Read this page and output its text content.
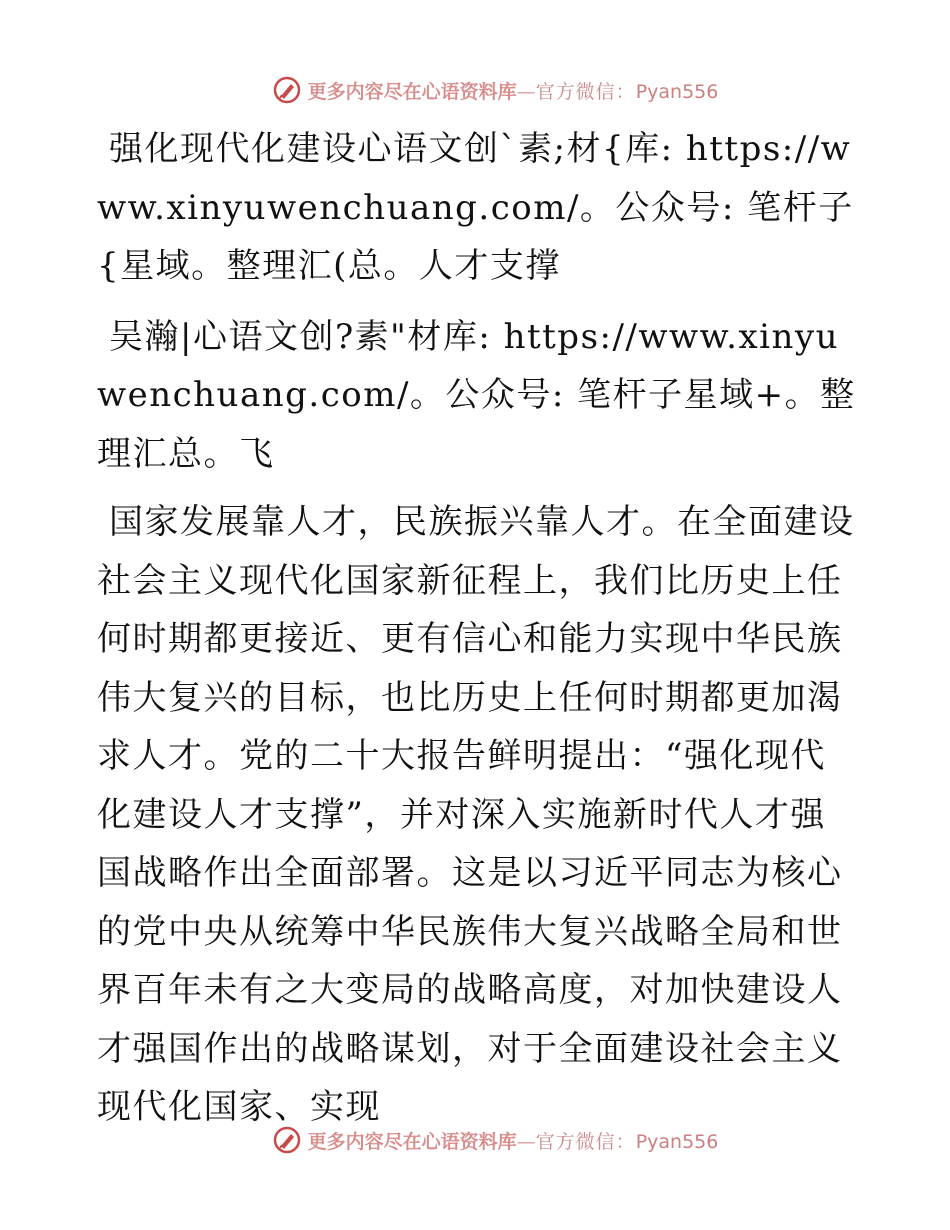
更多内容尽在心语资料库—官方微信：Pyan556

强化现代化建设心语文创`素;材{库: https://www.xinyuwenchuang.com/。公众号: 笔杆子{星域。整理汇(总。人才支撑

吴瀚|心语文创?素"材库: https://www.xinyuwenchuang.com/。公众号: 笔杆子星域+。整理汇总。飞

国家发展靠人才，民族振兴靠人才。在全面建设社会主义现代化国家新征程上，我们比历史上任何时期都更接近、更有信心和能力实现中华民族伟大复兴的目标，也比历史上任何时期都更加渴求人才。党的二十大报告鲜明提出：“强化现代化建设人才支撑”，并对深入实施新时代人才强国战略作出全面部署。这是以习近平同志为核心的党中央从统筹中华民族伟大复兴战略全局和世界百年未有之大变局的战略高度，对加快建设人才强国作出的战略谋划，对于全面建设社会主义现代化国家、实现

更多内容尽在心语资料库—官方微信：Pyan556
